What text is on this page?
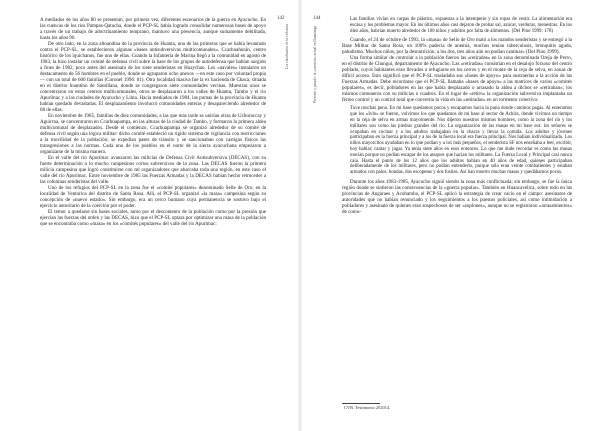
142
Los clasificados de la violencia

A mediados de los años 80 se presentan, por primera vez, diferentes escenarios de la guerra en Ayacucho. En las cuencas de los ríos Pampas-Qatucha, donde el PCP-SL había logrado consolidar numerosas bases de apoyo a través de un trabajo de adoctrinamiento temprano, mantuvo una presencia, aunque sumamente debilitada, hasta los años 90.

De otro lado, en la zona altoandina de la provincia de Huanta, una de las primeras que se había levantado contra el PCP-SL, se establecieron algunas «bases antisubversivas multicomunales». Ccarhuahurán, centro histórico de los iquichanos, fue uno de ellas. Cuando la Infantería de Marina llegó a la comunidad en agosto de 1983, la hizo instalar un comité de defensa civil sobre la base de los grupos de autodefensa que habían surgido a fines de 1982, poco antes del asesinato de los siete senderistas en Huaychao. Los «navales» instalaron un destacamento de 56 hombres en el pueblo, donde se agruparon ocho anexos —en este caso por voluntad propia— con un total de 600 familias (Coronel 1996: 81). Otra localidad masiva fue la ex hacienda de Chaca, situada en el distrito huantino de Santillana, donde se congregaron siete comunidades vecinas. Muestras unos se concentraron en estos centros multicomunales, otros se desplazaron a los valles de Huanta, Tambo y el río Apurímac y a las ciudades de Ayacucho y Lima. Hacia mediados de 1984, las pumas de la provincia de Huanta habían quedado devastadas. El desplazamiento involucró comunidades enteras y desapareciendo alrededor de 68 de ellas.

En noviembre de 1985, familias de diez comunidades, a las que más tarde se unirían otras de Uchuraccay y Aguirrna, se concentraron en Ccarhuapampa, en las alturas de la ciudad de Tambo, y formaron la primera aldea multicomunal de desplazados. Desde el comienzo, Ccarhuapampa se organizó alrededor de su comité de defensa civil según una lógica militar: dicho comité estableció un rígido sistema de vigilancia con restricciones a la movilidad de la población; se expedían pases de tránsito y se sancionaban con castigos físicos las transgresiones a las normas. Cada uno de los pueblos en el norte de la sierra ayacuchana empezaron a organizarse de la misma manera.

En el valle del río Apurímac avanzaron las milicias de Defensa Civil Antisubversiva (DECAS), con su fuerte determinación a lo mucho campesinos cortos subversivos de la zona. Las DECAS fueron la primera milicia campesina que logró constituirse con ml organizadores que abarcaba toda una región, en este caso el valle del río Apurímac. Entre noviembre de 1985 las Fuerzas Armadas y la DECAS habían hecho retroceder a las columnas senderistas del valle.

Uno de los refugios del PCP-SL en la zona fue el «comité populares» denominado Selle de Oro, en la localidad de Venturica del distrito de Santa Rosa. Allí, el PCP-SL organizó «la masa» campesina según su concepción de «nuevo estado». Sin embargo, era un cerco humano cuya permanencia se sostuvo bajo el ejercicio autoritario de la coerción por el poder.

El temor a quedarse sin bases sociales, tanto por el descontento de la población como por la presión que ejercían las fuerzas del orden y las DECAS, hizo que el PCP-SL optara por optimizar una masa de la población que se encontraba como «masa» en los «comités populares» del valle del río Apurímac:

144
Presente y pasado: la «cuestión» actual en Huamanga

Las familias vivían en carpas de plástico, expuestas a la intemperie y sin ropas de vestir. La alimentación era escasa y los problemas mayor. En los últimos años casi dejaron de probar sal, azúcar, verduras, menestras. En los diez años, habrían muerto alrededor de 100 niños y adultos por falta de alimentos. (Del Pino 1999: 178)

Cuando, el 24 de octubre de 1993, la «masa» de Sello de Oro mató a los mandos senderistas y se entregó a la Base Militar de Santa Rosa, un 100% padecía de anemia, muchos tenían tuberculosis, bronquitis aguda, paludismo. Muchos niños, por la desnutrición, a los dos, tres años aún no podían caminar» (Del Pino 1999).

Una forma similar de controlar a la población fueron las «retiradas» en la zona denominada Oreja de Perro, en el distrito de Chungui, departamento de Ayacucho. Las «retiradas» consistían en el desalojo forzoso del centro poblado, cuyos habitantes eran llevados a refugiarse en los cerros y en el monte de la ceja de selva, en zonas de difícil acceso. Esto significó que el PCP-SL trasladaba sus «bases de apoyo» para sustraerlas a la acción de las Fuerzas Armadas. Debe recordarse que el PCP-SL llamaba «bases de apoyo» a las matrices de varios «comités populares», es decir, pobladores en las que había desplazado o arrasado la aldea a dichos se «retiraban»; los mismos comuneros con su milicias o cuadros. En el lugar de «retiro» la organización subversiva implantaba un férreo control y un control total que convertía la vida en las «retiradas» en un tormento colectivo:

Tuve muchas pena. En mi base quedamos pocos y escapamos hacia la puna donde caminos pagas. Al enteramos que los «Ivlo» se fueron, volvimos los que quedamos de mi base al sector de Achira, donde vivimos un tiempo en la ceja de selva en armas mayormente. Nos dijeron nuestros mismos hombres, como la zona del río y los militares son como las piedras grandes del río. La organización de las masas en mi base era: los señores se ocupaban en cocinar y a los adultos trabajaban en la chacra y llevar la comida. Los adultos y jóvenes participaban en la fuerza principal y a los de la fuerza local era fuerza principal. Nos habían individualizado. Los niños mayorcitos ayudaban en lo que podían y a los más pequeños, el senderista SF nos enseñaba a leer, escribir, hoy hablar, cantar y jugar. Ya tenía siete años en esos entonces. Lo que me dude recordar es como las masas morían porque no podían escapar de los ataques que hacían los militares. La Fuerza Local y Principal casi nunca caía. Hasta el punto de los 12 años que los adultos habían en 40 años de edad, quienes participaban deliberadamente de los militares, pero no podían entenderlo, porque sólo eran veinte combatientes y estaban armados con palos, hondas, dos escopetas y dos fusiles. Así han muerto muchas masas y quedábamos pocos.

Durante los años 1983-1985, Ayacucho siguió siendo la zona más conflictuada; sin embargo, se fue la única región donde se sintieron las consecuencias de la «guerra popular». También en Huancavelica, sobre todo en las provincias de Angaraes y Acobamba, el PCP-SL aplicó la estrategia de crear vacío en el campo: asesinatos de autoridades que no habían renunciado y los seguimientos a los puestos policiales, así como intimidación a pobladores y asesinato de quienes eran sospechosos de ser «soplones», aunque no se registraron «arrasamientos» de comu-

CVR. Testimonio 202014.
